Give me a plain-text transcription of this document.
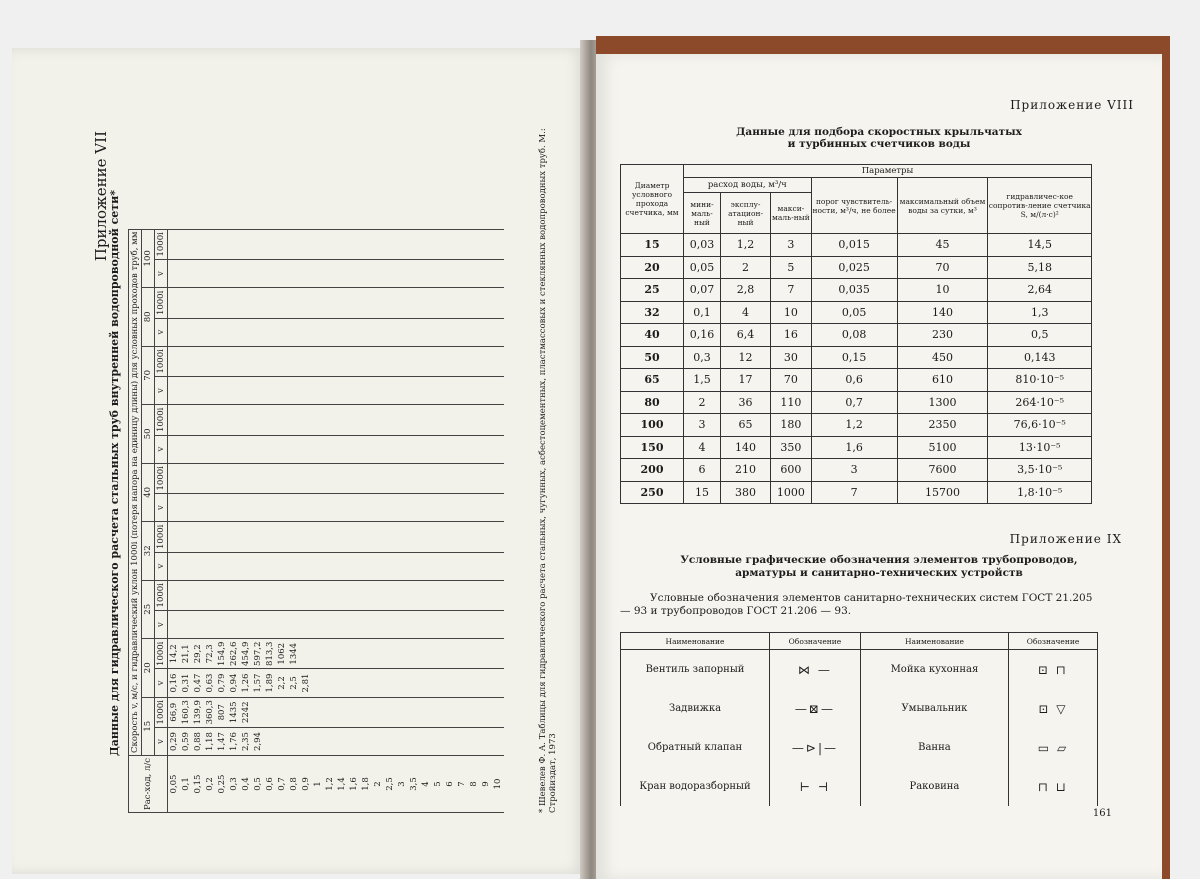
Приложение VII
Данные для гидравлического расчета стальных труб внутренней водопроводной сети*
Рас-ход, л/с	Скорость v, м/с, и гидравлический уклон 1000i (потеря напора на единицу длины) для условных проходов труб, мм																	
	15		20		25		32		40		50		70		80		100	
	v	1000i	v	1000i	v	1000i	v	1000i	v	1000i	v	1000i	v	1000i	v	1000i	v	1000i
0,05	0,29	66,9	0,16	14,2														
0,1	0,59	160,3	0,31	21,1														
0,15	0,88	139,9	0,47	29,2														
0,2	1,18	360,3	0,63	72,3														
0,25	1,47	807	0,79	154,9														
0,3	1,76	1435	0,94	262,6														
0,4	2,35	2242	1,26	454,9														
0,5	2,94		1,57	597,2														
0,6			1,89	813,3														
0,7			2,2	1062														
0,8			2,5	1344														
0,9			2,81															
1																		
1,2																		
1,4																		
1,6																		
1,8																		
2																		
2,5																		
3																		
3,5																		
4																		
5																		
6																		
7																		
8																		
9																		
10																			* Шевелев Ф. А. Таблицы для гидравлического расчета стальных, чугунных, асбестоцементных, пластмассовых и стеклянных водопроводных труб. М.: Стройиздат, 1973
Приложение VIII
Данные для подбора скоростных крыльчатых
и турбинных счетчиков воды
Диаметр условного прохода счетчика, мм	Параметры					
	расход воды, м³/ч			порог чувствитель-ности, м³/ч, не более	максимальный объем воды за сутки, м³	гидравличес-кое сопротив-ление счетчика S, м/(л·с)²
	мини-маль-ный	эксплу-атацион-ный	макси-маль-ный			
15	0,03	1,2	3	0,015	45	14,5
20	0,05	2	5	0,025	70	5,18
25	0,07	2,8	7	0,035	10	2,64
32	0,1	4	10	0,05	140	1,3
40	0,16	6,4	16	0,08	230	0,5
50	0,3	12	30	0,15	450	0,143
65	1,5	17	70	0,6	610	810·10⁻⁵
80	2	36	110	0,7	1300	264·10⁻⁵
100	3	65	180	1,2	2350	76,6·10⁻⁵
150	4	140	350	1,6	5100	13·10⁻⁵
200	6	210	600	3	7600	3,5·10⁻⁵
250	15	380	1000	7	15700	1,8·10⁻⁵
Приложение IX
Условные графические обозначения элементов трубопроводов,
арматуры и санитарно-технических устройств
Условные обозначения элементов санитарно-технических систем ГОСТ 21.205 — 93 и трубопроводов ГОСТ 21.206 — 93.
Наименование	Обозначение	Наименование	Обозначение
Вентиль запорный	⋈ —	Мойка кухонная	⊡ ⊓
Задвижка	—⊠—	Умывальник	⊡ ▽
Обратный клапан	—⊳|—	Ванна	▭ ▱
Кран водоразборный	⊢ ⊣	Раковина	⊓ ⊔
161
